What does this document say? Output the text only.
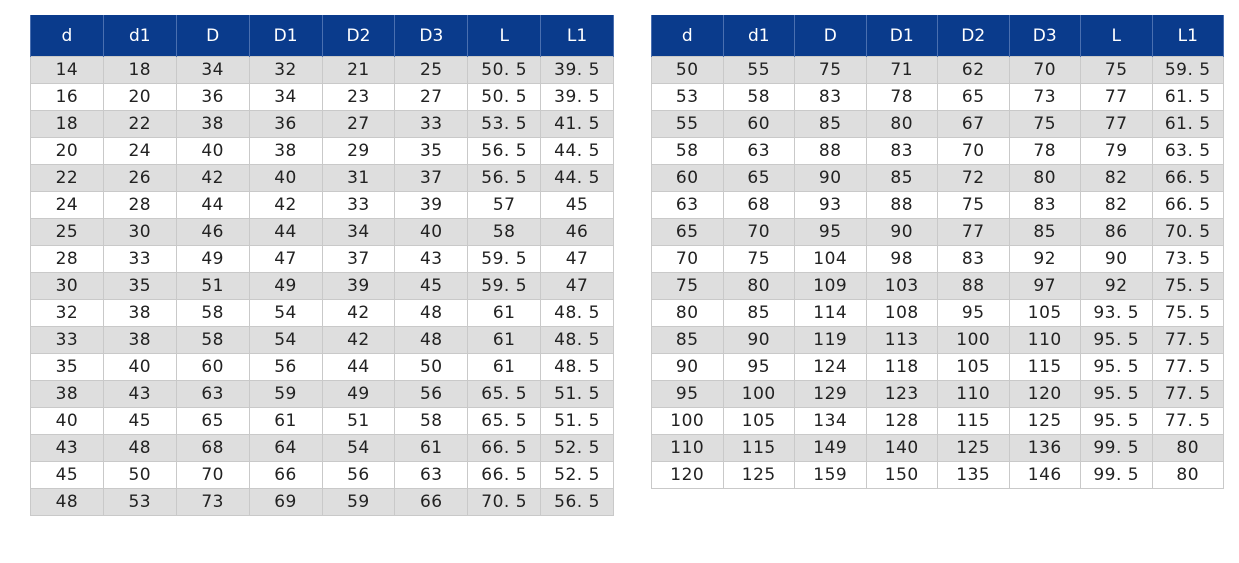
d	d1	D	D1	D2	D3	L	L1
14	18	34	32	21	25	50. 5	39. 5
16	20	36	34	23	27	50. 5	39. 5
18	22	38	36	27	33	53. 5	41. 5
20	24	40	38	29	35	56. 5	44. 5
22	26	42	40	31	37	56. 5	44. 5
24	28	44	42	33	39	57	45
25	30	46	44	34	40	58	46
28	33	49	47	37	43	59. 5	47
30	35	51	49	39	45	59. 5	47
32	38	58	54	42	48	61	48. 5
33	38	58	54	42	48	61	48. 5
35	40	60	56	44	50	61	48. 5
38	43	63	59	49	56	65. 5	51. 5
40	45	65	61	51	58	65. 5	51. 5
43	48	68	64	54	61	66. 5	52. 5
45	50	70	66	56	63	66. 5	52. 5
48	53	73	69	59	66	70. 5	56. 5
d	d1	D	D1	D2	D3	L	L1
50	55	75	71	62	70	75	59. 5
53	58	83	78	65	73	77	61. 5
55	60	85	80	67	75	77	61. 5
58	63	88	83	70	78	79	63. 5
60	65	90	85	72	80	82	66. 5
63	68	93	88	75	83	82	66. 5
65	70	95	90	77	85	86	70. 5
70	75	104	98	83	92	90	73. 5
75	80	109	103	88	97	92	75. 5
80	85	114	108	95	105	93. 5	75. 5
85	90	119	113	100	110	95. 5	77. 5
90	95	124	118	105	115	95. 5	77. 5
95	100	129	123	110	120	95. 5	77. 5
100	105	134	128	115	125	95. 5	77. 5
110	115	149	140	125	136	99. 5	80
120	125	159	150	135	146	99. 5	80
